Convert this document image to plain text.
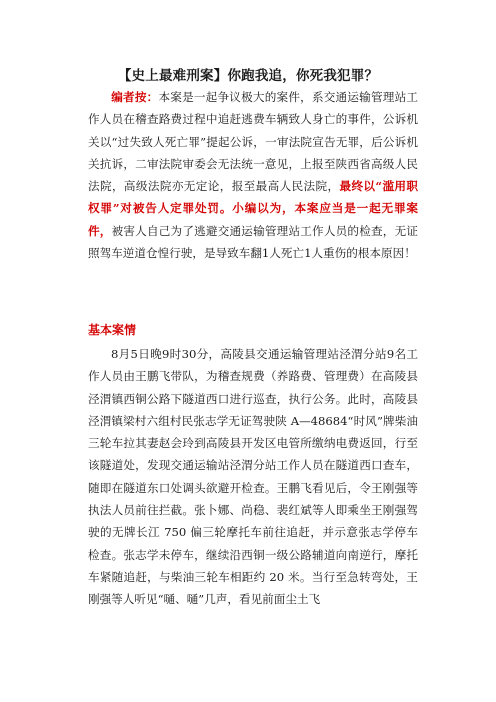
【史上最难刑案】你跑我追，你死我犯罪？
编者按：本案是一起争议极大的案件，系交通运输管理站工作人员在稽查路费过程中追赶逃费车辆致人身亡的事件，公诉机关以“过失致人死亡罪”提起公诉，一审法院宣告无罪，后公诉机关抗诉，二审法院审委会无法统一意见，上报至陕西省高级人民法院，高级法院亦无定论，报至最高人民法院，最终以“滥用职权罪”对被告人定罪处罚。小编以为，本案应当是一起无罪案件，被害人自己为了逃避交通运输管理站工作人员的检查，无证照驾车逆道仓惶行驶，是导致车翻1人死亡1人重伤的根本原因！
基本案情
8月5日晚9时30分，高陵县交通运输管理站泾渭分站9名工作人员由王鹏飞带队，为稽查规费（养路费、管理费）在高陵县泾渭镇西铜公路下隧道西口进行巡查，执行公务。此时，高陵县泾渭镇梁村六组村民张志学无证驾驶陕 A—48684“时风”牌柴油三轮车拉其妻赵会玲到高陵县开发区电管所缴纳电费返回，行至该隧道处，发现交通运输站泾渭分站工作人员在隧道西口查车，随即在隧道东口处调头欲避开检查。王鹏飞看见后，令王刚强等执法人员前往拦截。张卜娜、尚稳、裴红斌等人即乘坐王刚强驾驶的无牌长江 750 偏三轮摩托车前往追赶，并示意张志学停车检查。张志学未停车，继续沿西铜一级公路辅道向南逆行，摩托车紧随追赶，与柴油三轮车相距约 20 米。当行至急转弯处，王刚强等人听见“嗵、嗵”几声，看见前面尘土飞
